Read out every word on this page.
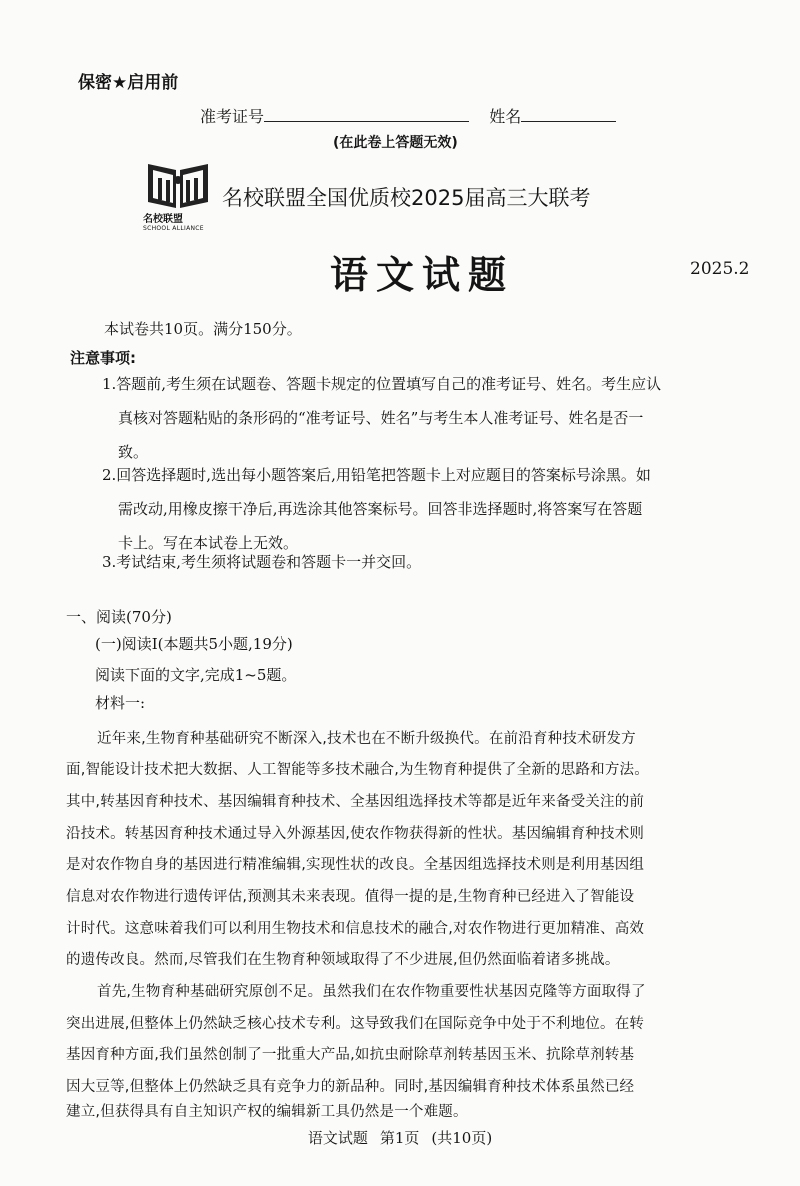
保密★启用前
准考证号	姓名
(在此卷上答题无效)
名校联盟
SCHOOL ALLIANCE
名校联盟全国优质校2025届高三大联考
语文试题	2025.2
本试卷共10页。满分150分。
注意事项:
1.答题前,考生须在试题卷、答题卡规定的位置填写自己的准考证号、姓名。考生应认
真核对答题粘贴的条形码的“准考证号、姓名”与考生本人准考证号、姓名是否一
致。
2.回答选择题时,选出每小题答案后,用铅笔把答题卡上对应题目的答案标号涂黑。如
需改动,用橡皮擦干净后,再选涂其他答案标号。回答非选择题时,将答案写在答题
卡上。写在本试卷上无效。
3.考试结束,考生须将试题卷和答题卡一并交回。
一、阅读(70分)
(一)阅读Ⅰ(本题共5小题,19分)
阅读下面的文字,完成1~5题。
材料一:
近年来,生物育种基础研究不断深入,技术也在不断升级换代。在前沿育种技术研发方
面,智能设计技术把大数据、人工智能等多技术融合,为生物育种提供了全新的思路和方法。
其中,转基因育种技术、基因编辑育种技术、全基因组选择技术等都是近年来备受关注的前
沿技术。转基因育种技术通过导入外源基因,使农作物获得新的性状。基因编辑育种技术则
是对农作物自身的基因进行精准编辑,实现性状的改良。全基因组选择技术则是利用基因组
信息对农作物进行遗传评估,预测其未来表现。值得一提的是,生物育种已经进入了智能设
计时代。这意味着我们可以利用生物技术和信息技术的融合,对农作物进行更加精准、高效
的遗传改良。然而,尽管我们在生物育种领域取得了不少进展,但仍然面临着诸多挑战。
首先,生物育种基础研究原创不足。虽然我们在农作物重要性状基因克隆等方面取得了
突出进展,但整体上仍然缺乏核心技术专利。这导致我们在国际竞争中处于不利地位。在转
基因育种方面,我们虽然创制了一批重大产品,如抗虫耐除草剂转基因玉米、抗除草剂转基
因大豆等,但整体上仍然缺乏具有竞争力的新品种。同时,基因编辑育种技术体系虽然已经
建立,但获得具有自主知识产权的编辑新工具仍然是一个难题。
语文试题 第1页 (共10页)
